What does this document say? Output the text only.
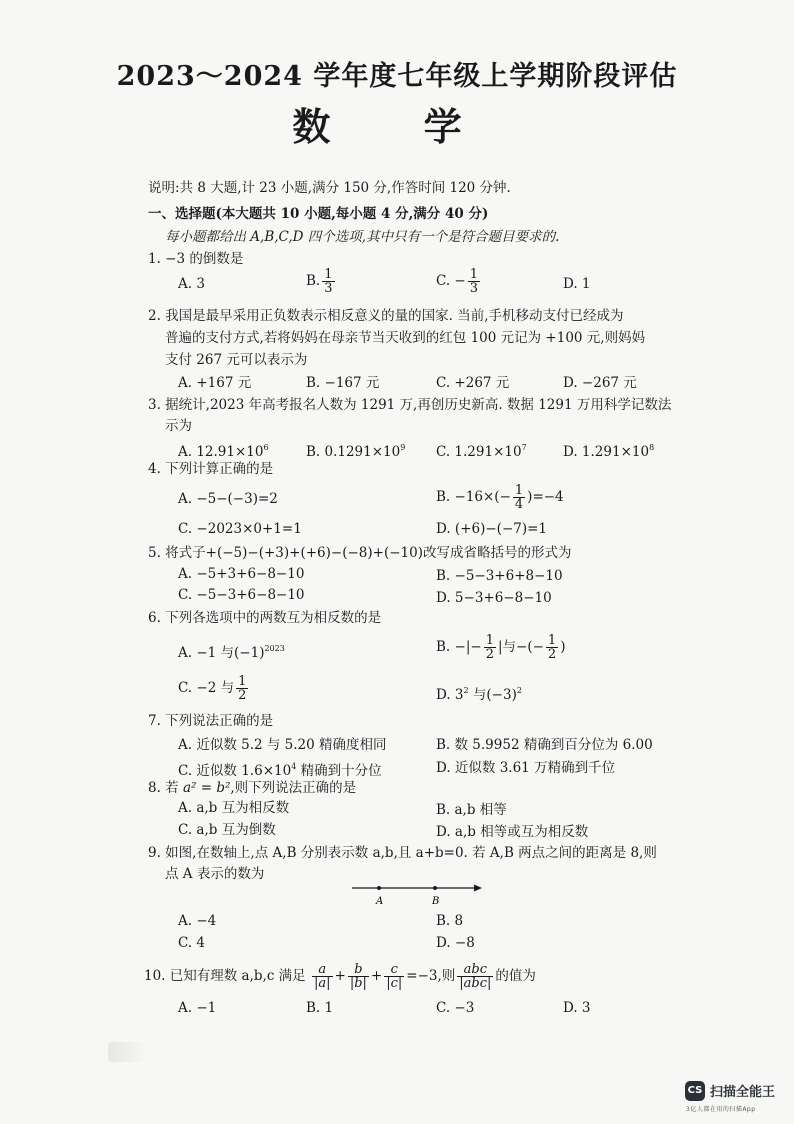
2023～2024 学年度七年级上学期阶段评估
数 学
说明:共 8 大题,计 23 小题,满分 150 分,作答时间 120 分钟.
一、选择题(本大题共 10 小题,每小题 4 分,满分 40 分)
每小题都给出 A,B,C,D 四个选项,其中只有一个是符合题目要求的.
1. −3 的倒数是
A. 3	B. $\frac{1}{3}$	C. − $\frac{1}{3}$	D. 1
2. 我国是最早采用正负数表示相反意义的量的国家. 当前,手机移动支付已经成为
普遍的支付方式,若将妈妈在母亲节当天收到的红包 100 元记为 +100 元,则妈妈
支付 267 元可以表示为
A. +167 元	B. −167 元	C. +267 元	D. −267 元
3. 据统计,2023 年高考报名人数为 1291 万,再创历史新高. 数据 1291 万用科学记数法
示为
A. $12.91\times 10^6$	B. $0.1291\times 10^9$ C. $1.291\times 10^7$	D. $1.291\times 10^8$
4. 下列计算正确的是
A. −5−(−3)=2	B. $-16\times(- \frac{1}{4} )=-4$
C. −2023×0+1=1	D. (+6)−(−7)=1
5. 将式子+(−5)−(+3)+(+6)−(−8)+(−10)改写成省略括号的形式为
A. −5+3+6−8−10	B. −5−3+6+8−10
C. −5−3+6−8−10	D. 5−3+6−8−10
6. 下列各选项中的两数互为相反数的是
A. −1 与$(-1)^{2023}$	B. −|− $\frac{1}{2}$ |与−(− $\frac{1}{2}$ )
C. −2 与 $\frac{1}{2}$	D. $3^2$ 与$(-3)^2$
7. 下列说法正确的是
A. 近似数 5.2 与 5.20 精确度相同	B. 数 5.9952 精确到百分位为 6.00
C. 近似数 $1.6\times 10^4$ 精确到十分位	D. 近似数 3.61 万精确到千位
8. 若 a² = b²,则下列说法正确的是
A. a,b 互为相反数	B. a,b 相等
C. a,b 互为倒数	D. a,b 相等或互为相反数
9. 如图,在数轴上,点 A,B 分别表示数 a,b,且 a+b=0. 若 A,B 两点之间的距离是 8,则
点 A 表示的数为
A	B
A. −4	B. 8
C. 4	D. −8
10. 已知有理数 a,b,c 满足 $\frac{a}{|a|} + \frac{b}{|b|} + \frac{c}{|c|} =-3$,则 $\frac{\text{abc}}{\text{|abc|}}$ 的值为
A. −1	B. 1	C. −3	D. 3
CS 扫描全能王
3亿人都在用的扫描App
